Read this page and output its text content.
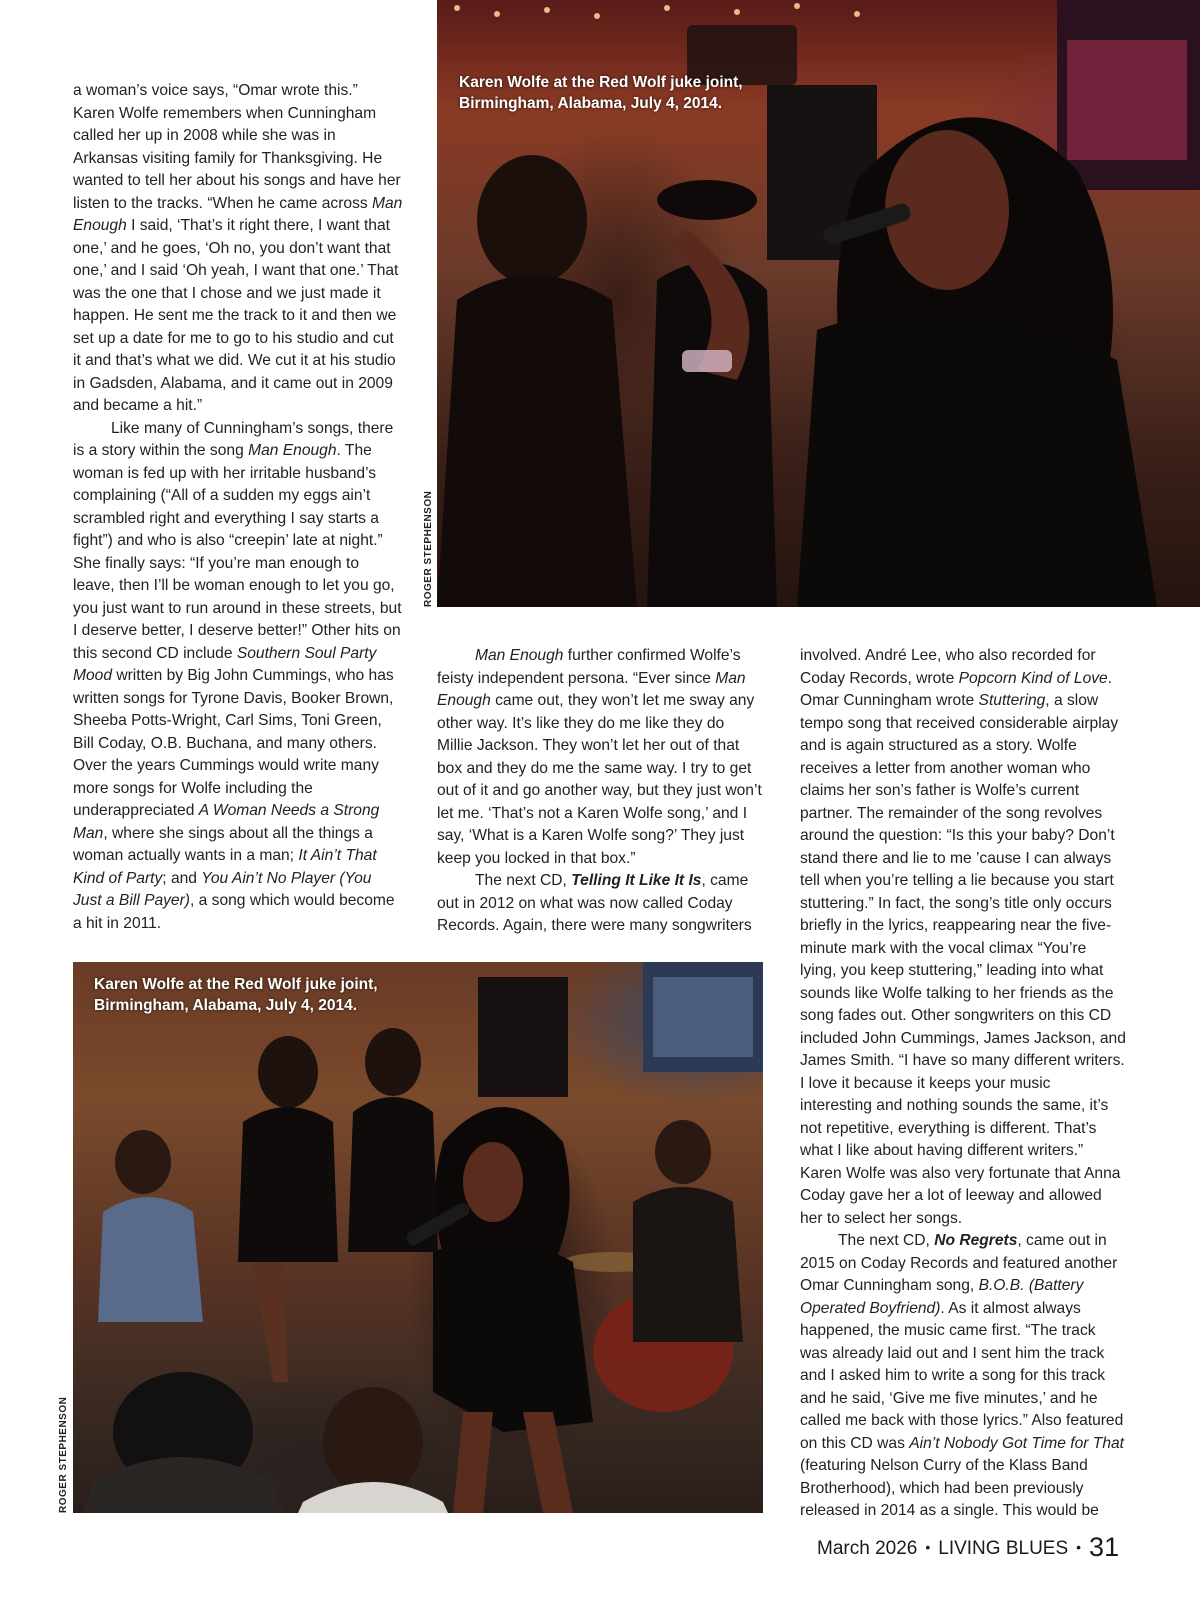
a woman’s voice says, “Omar wrote this.” Karen Wolfe remembers when Cunningham called her up in 2008 while she was in Arkansas visiting family for Thanksgiving. He wanted to tell her about his songs and have her listen to the tracks. “When he came across Man Enough I said, ‘That’s it right there, I want that one,’ and he goes, ‘Oh no, you don’t want that one,’ and I said ‘Oh yeah, I want that one.’ That was the one that I chose and we just made it happen. He sent me the track to it and then we set up a date for me to go to his studio and cut it and that’s what we did. We cut it at his studio in Gadsden, Alabama, and it came out in 2009 and became a hit.”

Like many of Cunningham’s songs, there is a story within the song Man Enough. The woman is fed up with her irritable husband’s complaining (“All of a sudden my eggs ain’t scrambled right and everything I say starts a fight”) and who is also “creepin’ late at night.” She finally says: “If you’re man enough to leave, then I’ll be woman enough to let you go, you just want to run around in these streets, but I deserve better, I deserve better!” Other hits on this second CD include Southern Soul Party Mood written by Big John Cummings, who has written songs for Tyrone Davis, Booker Brown, Sheeba Potts-Wright, Carl Sims, Toni Green, Bill Coday, O.B. Buchana, and many others. Over the years Cummings would write many more songs for Wolfe including the underappreciated A Woman Needs a Strong Man, where she sings about all the things a woman actually wants in a man; It Ain’t That Kind of Party; and You Ain’t No Player (You Just a Bill Payer), a song which would become a hit in 2011.

Karen Wolfe at the Red Wolf juke joint, Birmingham, Alabama, July 4, 2014.
ROGER STEPHENSON

Man Enough further confirmed Wolfe’s feisty independent persona. “Ever since Man Enough came out, they won’t let me sway any other way. It’s like they do me like they do Millie Jackson. They won’t let her out of that box and they do me the same way. I try to get out of it and go another way, but they just won’t let me. ‘That’s not a Karen Wolfe song,’ and I say, ‘What is a Karen Wolfe song?’ They just keep you locked in that box.”

The next CD, Telling It Like It Is, came out in 2012 on what was now called Coday Records. Again, there were many songwriters

involved. André Lee, who also recorded for Coday Records, wrote Popcorn Kind of Love. Omar Cunningham wrote Stuttering, a slow tempo song that received considerable airplay and is again structured as a story. Wolfe receives a letter from another woman who claims her son’s father is Wolfe’s current partner. The remainder of the song revolves around the question: “Is this your baby? Don’t stand there and lie to me ’cause I can always tell when you’re telling a lie because you start stuttering.” In fact, the song’s title only occurs briefly in the lyrics, reappearing near the five-minute mark with the vocal climax “You’re lying, you keep stuttering,” leading into what sounds like Wolfe talking to her friends as the song fades out. Other songwriters on this CD included John Cummings, James Jackson, and James Smith. “I have so many different writers. I love it because it keeps your music interesting and nothing sounds the same, it’s not repetitive, everything is different. That’s what I like about having different writers.” Karen Wolfe was also very fortunate that Anna Coday gave her a lot of leeway and allowed her to select her songs.

The next CD, No Regrets, came out in 2015 on Coday Records and featured another Omar Cunningham song, B.O.B. (Battery Operated Boyfriend). As it almost always happened, the music came first. “The track was already laid out and I sent him the track and I asked him to write a song for this track and he said, ‘Give me five minutes,’ and he called me back with those lyrics.” Also featured on this CD was Ain’t Nobody Got Time for That (featuring Nelson Curry of the Klass Band Brotherhood), which had been previously released in 2014 as a single. This would be

Karen Wolfe at the Red Wolf juke joint, Birmingham, Alabama, July 4, 2014.
ROGER STEPHENSON
March 2026 • LIVING BLUES • 31
